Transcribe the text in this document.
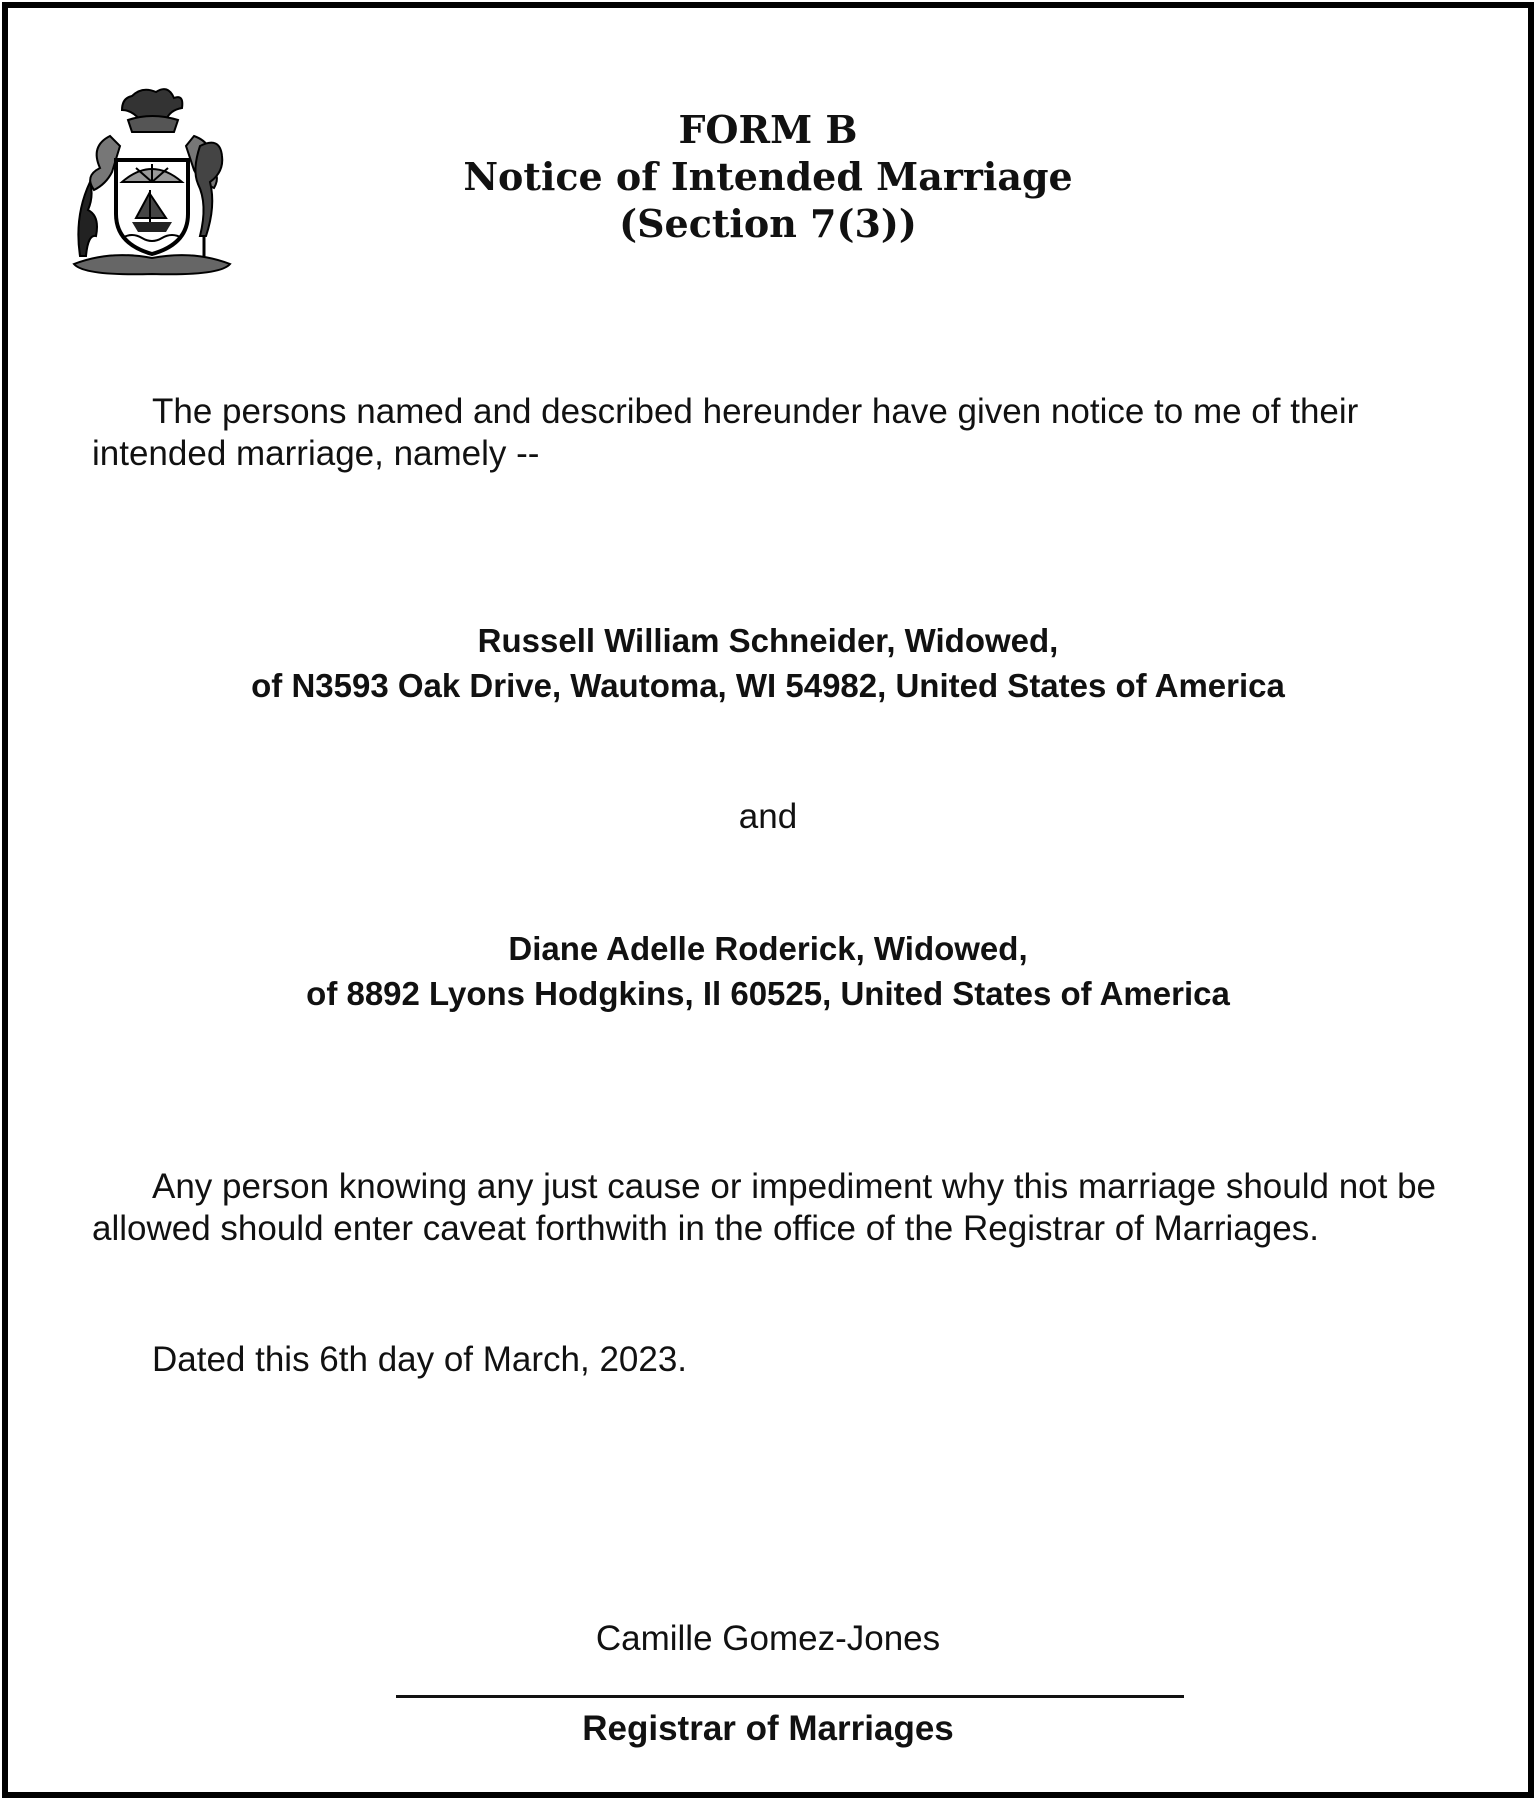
FORM B
Notice of Intended Marriage
(Section 7(3))
The persons named and described hereunder have given notice to me of their intended marriage, namely --
Russell William Schneider, Widowed,
of N3593 Oak Drive, Wautoma, WI 54982, United States of America
and
Diane Adelle Roderick, Widowed,
of 8892 Lyons Hodgkins, Il 60525, United States of America
Any person knowing any just cause or impediment why this marriage should not be allowed should enter caveat forthwith in the office of the Registrar of Marriages.
Dated this 6th day of March, 2023.
Camille Gomez-Jones
Registrar of Marriages
